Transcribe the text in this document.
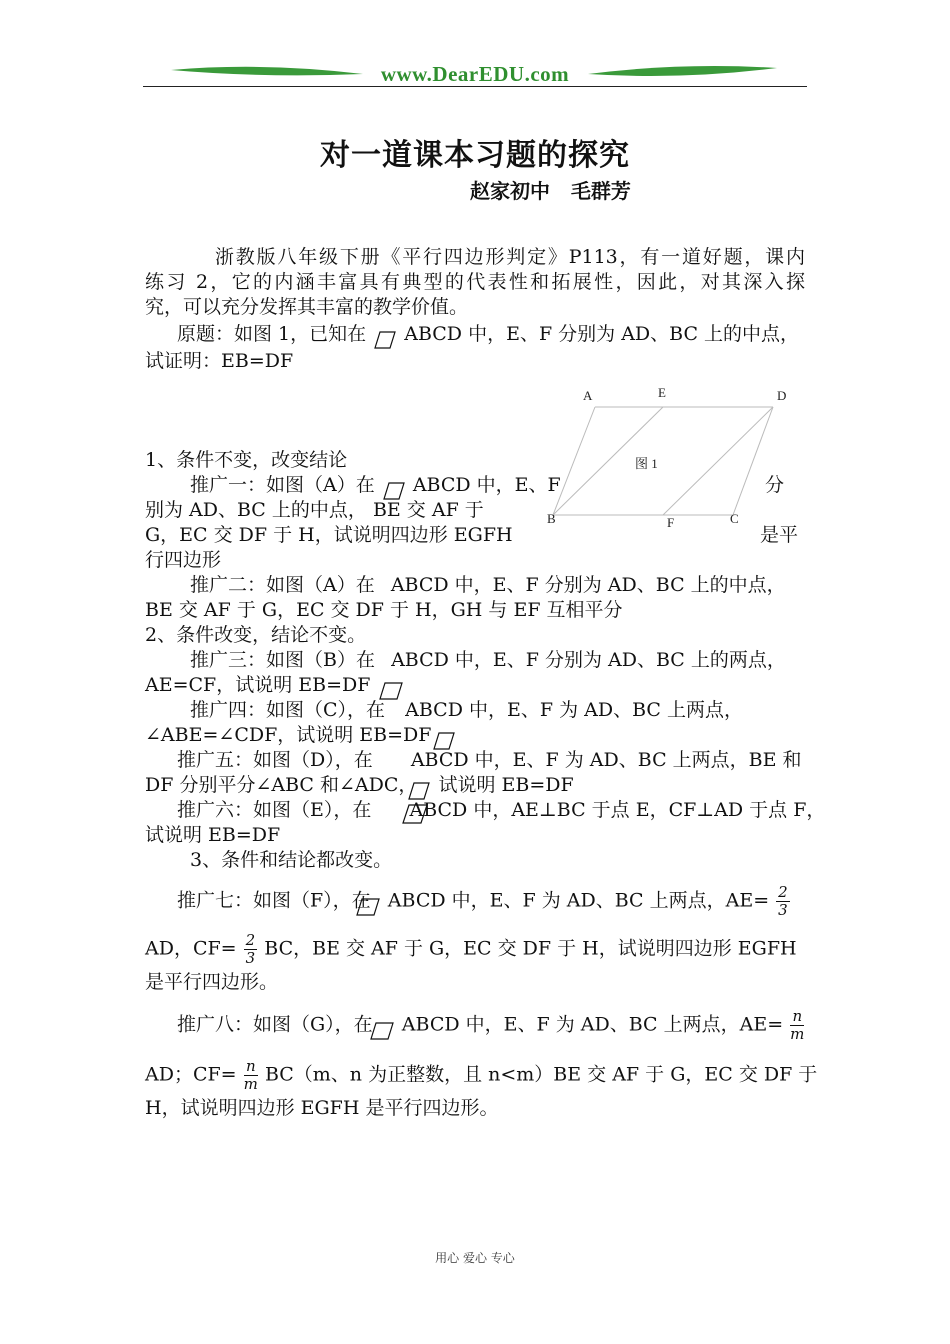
www.DearEDU.com
对一道课本习题的探究
赵家初中   毛群芳
浙教版八年级下册《平行四边形判定》P113，有一道好题，课内
练习 2，它的内涵丰富具有典型的代表性和拓展性，因此，对其深入探
究，可以充分发挥其丰富的教学价值。
原题：如图 1，已知在 ABCD 中，E、F 分别为 AD、BC 上的中点，
试证明：EB=DF
A	E	D
图 1
B	F	C
1、条件不变，改变结论
推广一：如图（A）在 ABCD 中，E、F	分
别为 AD、BC 上的中点， BE 交 AF 于
G，EC 交 DF 于 H，试说明四边形 EGFH	是平
行四边形
推广二：如图（A）在 ABCD 中，E、F 分别为 AD、BC 上的中点，
BE 交 AF 于 G，EC 交 DF 于 H，GH 与 EF 互相平分
2、条件改变，结论不变。
推广三：如图（B）在 ABCD 中，E、F 分别为 AD、BC 上的两点，
AE=CF，试说明 EB=DF
推广四：如图（C），在 ABCD 中，E、F 为 AD、BC 上两点，
∠ABE=∠CDF，试说明 EB=DF
推广五：如图（D），在 ABCD 中，E、F 为 AD、BC 上两点，BE 和
DF 分别平分∠ABC 和∠ADC， 试说明 EB=DF
推广六：如图（E），在 ABCD 中，AE⊥BC 于点 E，CF⊥AD 于点 F，
试说明 EB=DF
3、条件和结论都改变。
推广七：如图（F），在 ABCD 中，E、F 为 AD、BC 上两点，$AE= \frac{2}{3}$
AD，$CF= \frac{2}{3}$ BC，BE 交 AF 于 G，EC 交 DF 于 H，试说明四边形 EGFH
是平行四边形。
推广八：如图（G），在 ABCD 中，E、F 为 AD、BC 上两点，$AE= \frac{n}{m}$
AD；$CF= \frac{n}{m} BC(m$、n 为正整数，且 n<m）BE 交 AF 于 G，EC 交 DF 于
H，试说明四边形 EGFH 是平行四边形。
用心 爱心 专心
